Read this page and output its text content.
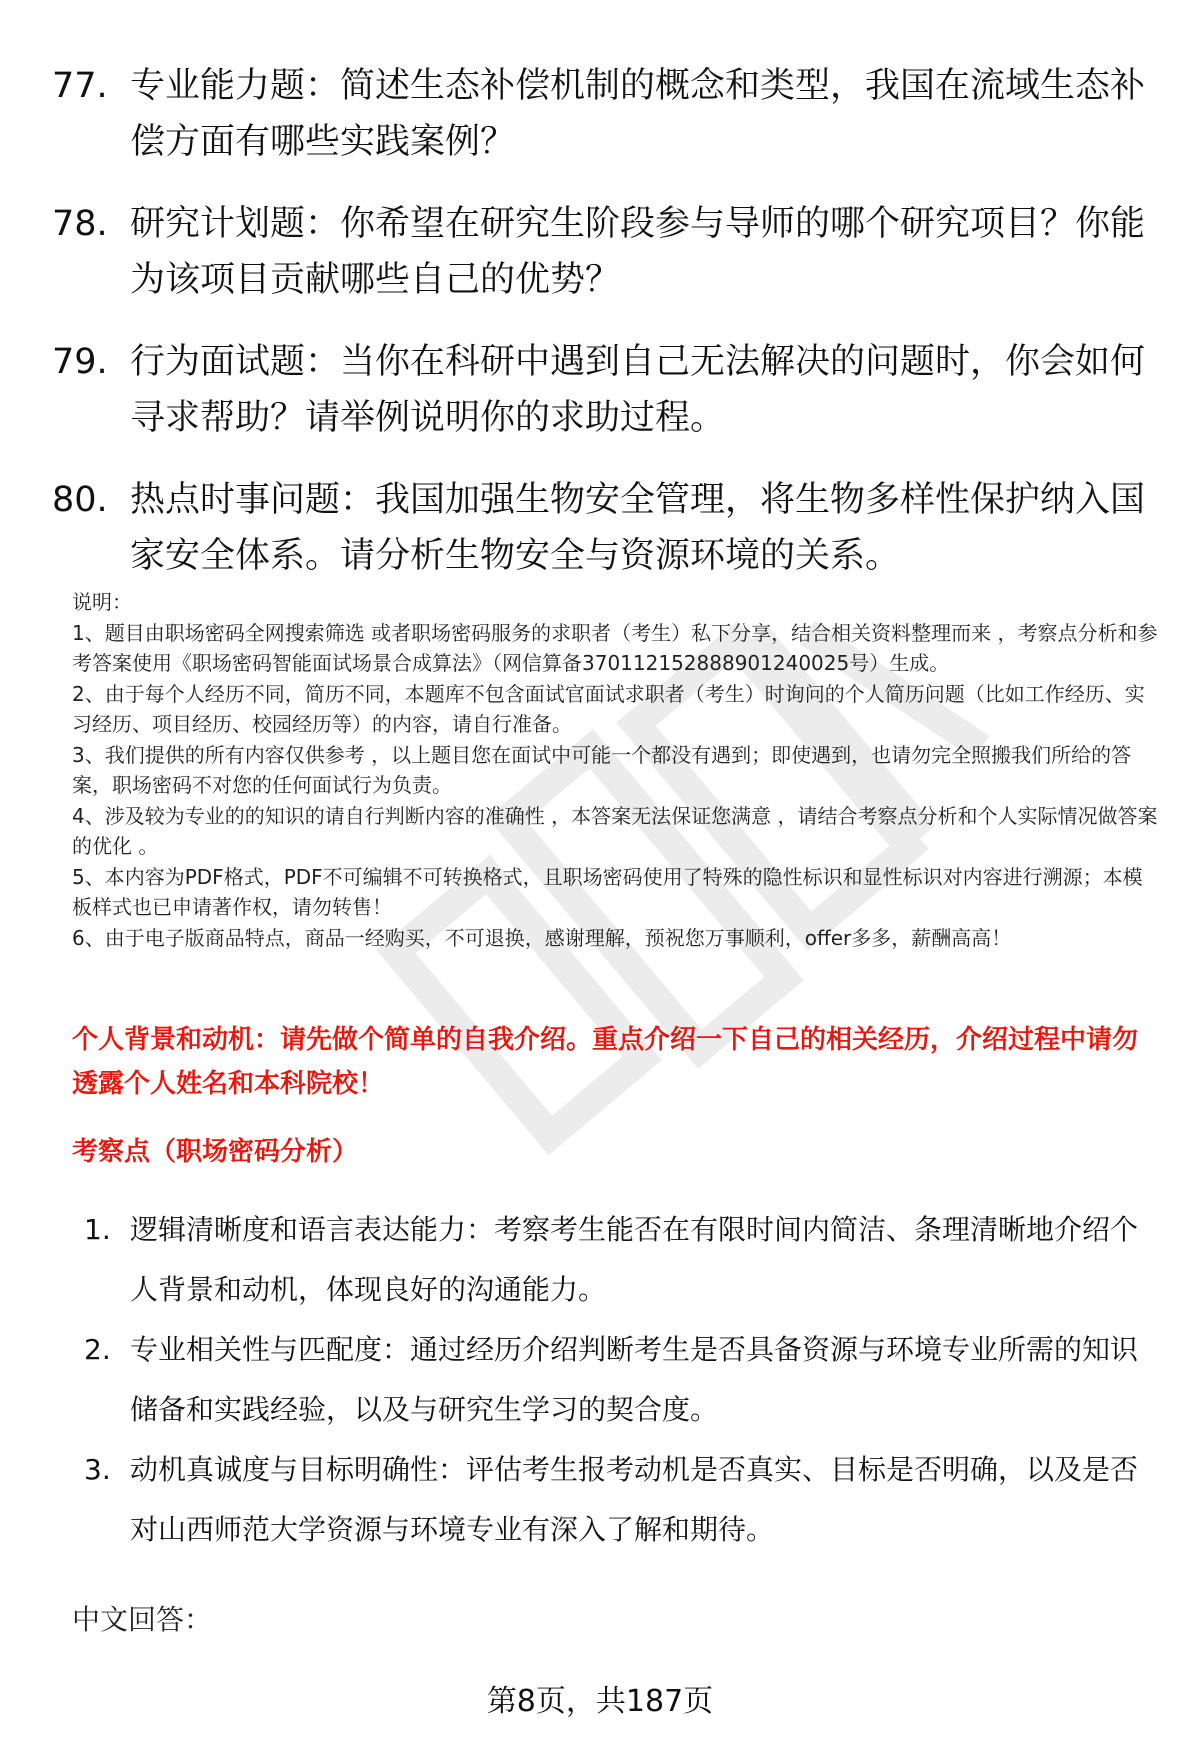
77. 专业能力题：简述生态补偿机制的概念和类型，我国在流域生态补偿方面有哪些实践案例？
78. 研究计划题：你希望在研究生阶段参与导师的哪个研究项目？你能为该项目贡献哪些自己的优势？
79. 行为面试题：当你在科研中遇到自己无法解决的问题时，你会如何寻求帮助？请举例说明你的求助过程。
80. 热点时事问题：我国加强生物安全管理，将生物多样性保护纳入国家安全体系。请分析生物安全与资源环境的关系。

说明：

1、题目由职场密码全网搜索筛选 或者职场密码服务的求职者（考生）私下分享，结合相关资料整理而来 ，考察点分析和参考答案使用《职场密码智能面试场景合成算法》（网信算备370112152888901240025号）生成。

2、由于每个人经历不同，简历不同，本题库不包含面试官面试求职者（考生）时询问的个人简历问题（比如工作经历、实习经历、项目经历、校园经历等）的内容，请自行准备。

3、我们提供的所有内容仅供参考 ，以上题目您在面试中可能一个都没有遇到；即使遇到，也请勿完全照搬我们所给的答案，职场密码不对您的任何面试行为负责。

4、涉及较为专业的的知识的请自行判断内容的准确性 ，本答案无法保证您满意 ，请结合考察点分析和个人实际情况做答案的优化 。

5、本内容为PDF格式，PDF不可编辑不可转换格式，且职场密码使用了特殊的隐性标识和显性标识对内容进行溯源；本模板样式也已申请著作权，请勿转售！

6、由于电子版商品特点，商品一经购买，不可退换，感谢理解，预祝您万事顺利，offer多多，薪酬高高！

个人背景和动机：请先做个简单的自我介绍。重点介绍一下自己的相关经历，介绍过程中请勿透露个人姓名和本科院校！
考察点（职场密码分析）
1. 逻辑清晰度和语言表达能力：考察考生能否在有限时间内简洁、条理清晰地介绍个人背景和动机，体现良好的沟通能力。
2. 专业相关性与匹配度：通过经历介绍判断考生是否具备资源与环境专业所需的知识储备和实践经验，以及与研究生学习的契合度。
3. 动机真诚度与目标明确性：评估考生报考动机是否真实、目标是否明确，以及是否对山西师范大学资源与环境专业有深入了解和期待。
中文回答：
第8页，共187页
